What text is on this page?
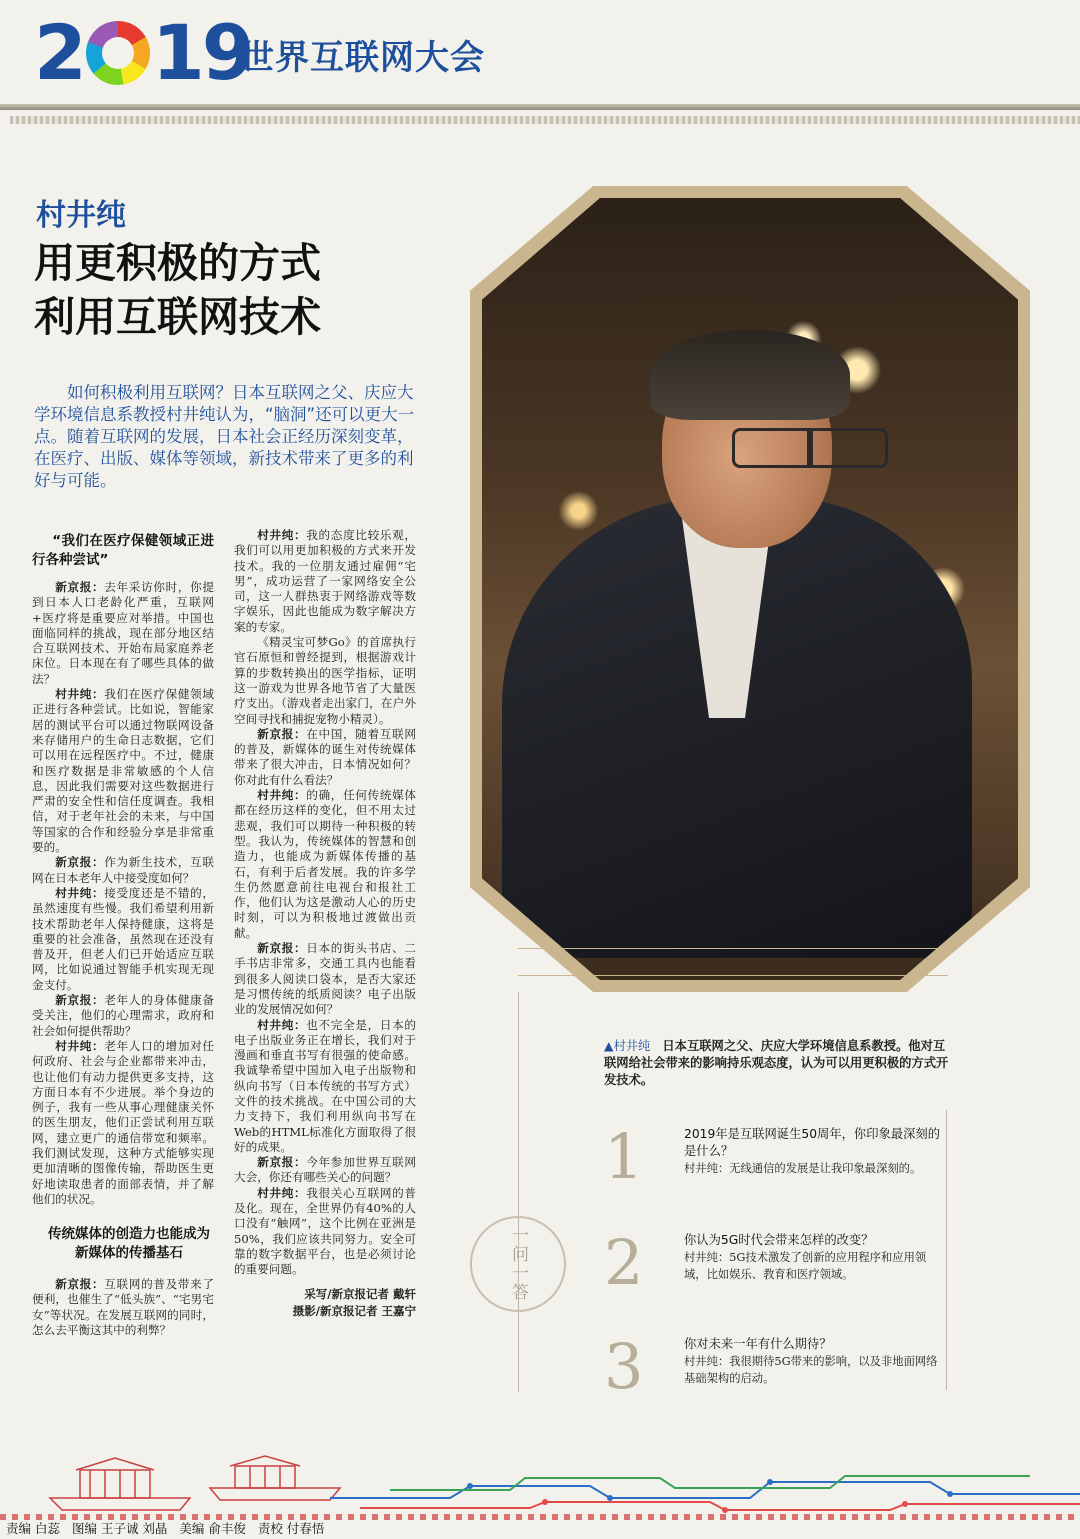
2 19
世界互联网大会
村井纯
用更积极的方式
利用互联网技术
如何积极利用互联网？日本互联网之父、庆应大学环境信息系教授村井纯认为，“脑洞”还可以更大一点。随着互联网的发展，日本社会正经历深刻变革，在医疗、出版、媒体等领域，新技术带来了更多的利好与可能。
“我们在医疗保健领域正进行各种尝试”

新京报：去年采访你时，你提到日本人口老龄化严重，互联网+医疗将是重要应对举措。中国也面临同样的挑战，现在部分地区结合互联网技术、开始布局家庭养老床位。日本现在有了哪些具体的做法？

村井纯：我们在医疗保健领域正进行各种尝试。比如说，智能家居的测试平台可以通过物联网设备来存储用户的生命日志数据，它们可以用在远程医疗中。不过，健康和医疗数据是非常敏感的个人信息，因此我们需要对这些数据进行严肃的安全性和信任度调查。我相信，对于老年社会的未来，与中国等国家的合作和经验分享是非常重要的。

新京报：作为新生技术，互联网在日本老年人中接受度如何？

村井纯：接受度还是不错的，虽然速度有些慢。我们希望利用新技术帮助老年人保持健康，这将是重要的社会准备，虽然现在还没有普及开，但老人们已开始适应互联网，比如说通过智能手机实现无现金支付。

新京报：老年人的身体健康备受关注，他们的心理需求，政府和社会如何提供帮助？

村井纯：老年人口的增加对任何政府、社会与企业都带来冲击，也让他们有动力提供更多支持，这方面日本有不少进展。举个身边的例子，我有一些从事心理健康关怀的医生朋友，他们正尝试利用互联网，建立更广的通信带宽和频率。我们测试发现，这种方式能够实现更加清晰的图像传输，帮助医生更好地读取患者的面部表情，并了解他们的状况。

传统媒体的创造力也能成为新媒体的传播基石

新京报：互联网的普及带来了便利，也催生了“低头族”、“宅男宅女”等状况。在发展互联网的同时，怎么去平衡这其中的利弊？

村井纯：我的态度比较乐观，我们可以用更加积极的方式来开发技术。我的一位朋友通过雇佣“宅男”，成功运营了一家网络安全公司，这一人群热衷于网络游戏等数字娱乐，因此也能成为数字解决方案的专家。

《精灵宝可梦Go》的首席执行官石原恒和曾经提到，根据游戏计算的步数转换出的医学指标，证明这一游戏为世界各地节省了大量医疗支出。（游戏者走出家门，在户外空间寻找和捕捉宠物小精灵）。

新京报：在中国，随着互联网的普及，新媒体的诞生对传统媒体带来了很大冲击，日本情况如何？你对此有什么看法？

村井纯：的确，任何传统媒体都在经历这样的变化，但不用太过悲观，我们可以期待一种积极的转型。我认为，传统媒体的智慧和创造力，也能成为新媒体传播的基石，有利于后者发展。我的许多学生仍然愿意前往电视台和报社工作，他们认为这是激动人心的历史时刻，可以为积极地过渡做出贡献。

新京报：日本的街头书店、二手书店非常多，交通工具内也能看到很多人阅读口袋本，是否大家还是习惯传统的纸质阅读？电子出版业的发展情况如何？

村井纯：也不完全是，日本的电子出版业务正在增长，我们对于漫画和垂直书写有很强的使命感。我诚挚希望中国加入电子出版物和纵向书写（日本传统的书写方式）文件的技术挑战。在中国公司的大力支持下，我们利用纵向书写在Web的HTML标准化方面取得了很好的成果。

新京报：今年参加世界互联网大会，你还有哪些关心的问题？

村井纯：我很关心互联网的普及化。现在，全世界仍有40%的人口没有“触网”，这个比例在亚洲是50%，我们应该共同努力。安全可靠的数字数据平台，也是必须讨论的重要问题。

采写/新京报记者 戴轩
摄影/新京报记者 王嘉宁
▲村井纯 日本互联网之父、庆应大学环境信息系教授。他对互联网给社会带来的影响持乐观态度，认为可以用更积极的方式开发技术。
一问一答
1	2019年是互联网诞生50周年，你印象最深刻的是什么？
村井纯：无线通信的发展是让我印象最深刻的。
2	你认为5G时代会带来怎样的改变？
村井纯：5G技术激发了创新的应用程序和应用领域，比如娱乐、教育和医疗领域。
3	你对未来一年有什么期待？
村井纯：我很期待5G带来的影响，以及非地面网络基础架构的启动。
责编 白蕊 图编 王子诚 刘晶 美编 俞丰俊 责校 付春悟
